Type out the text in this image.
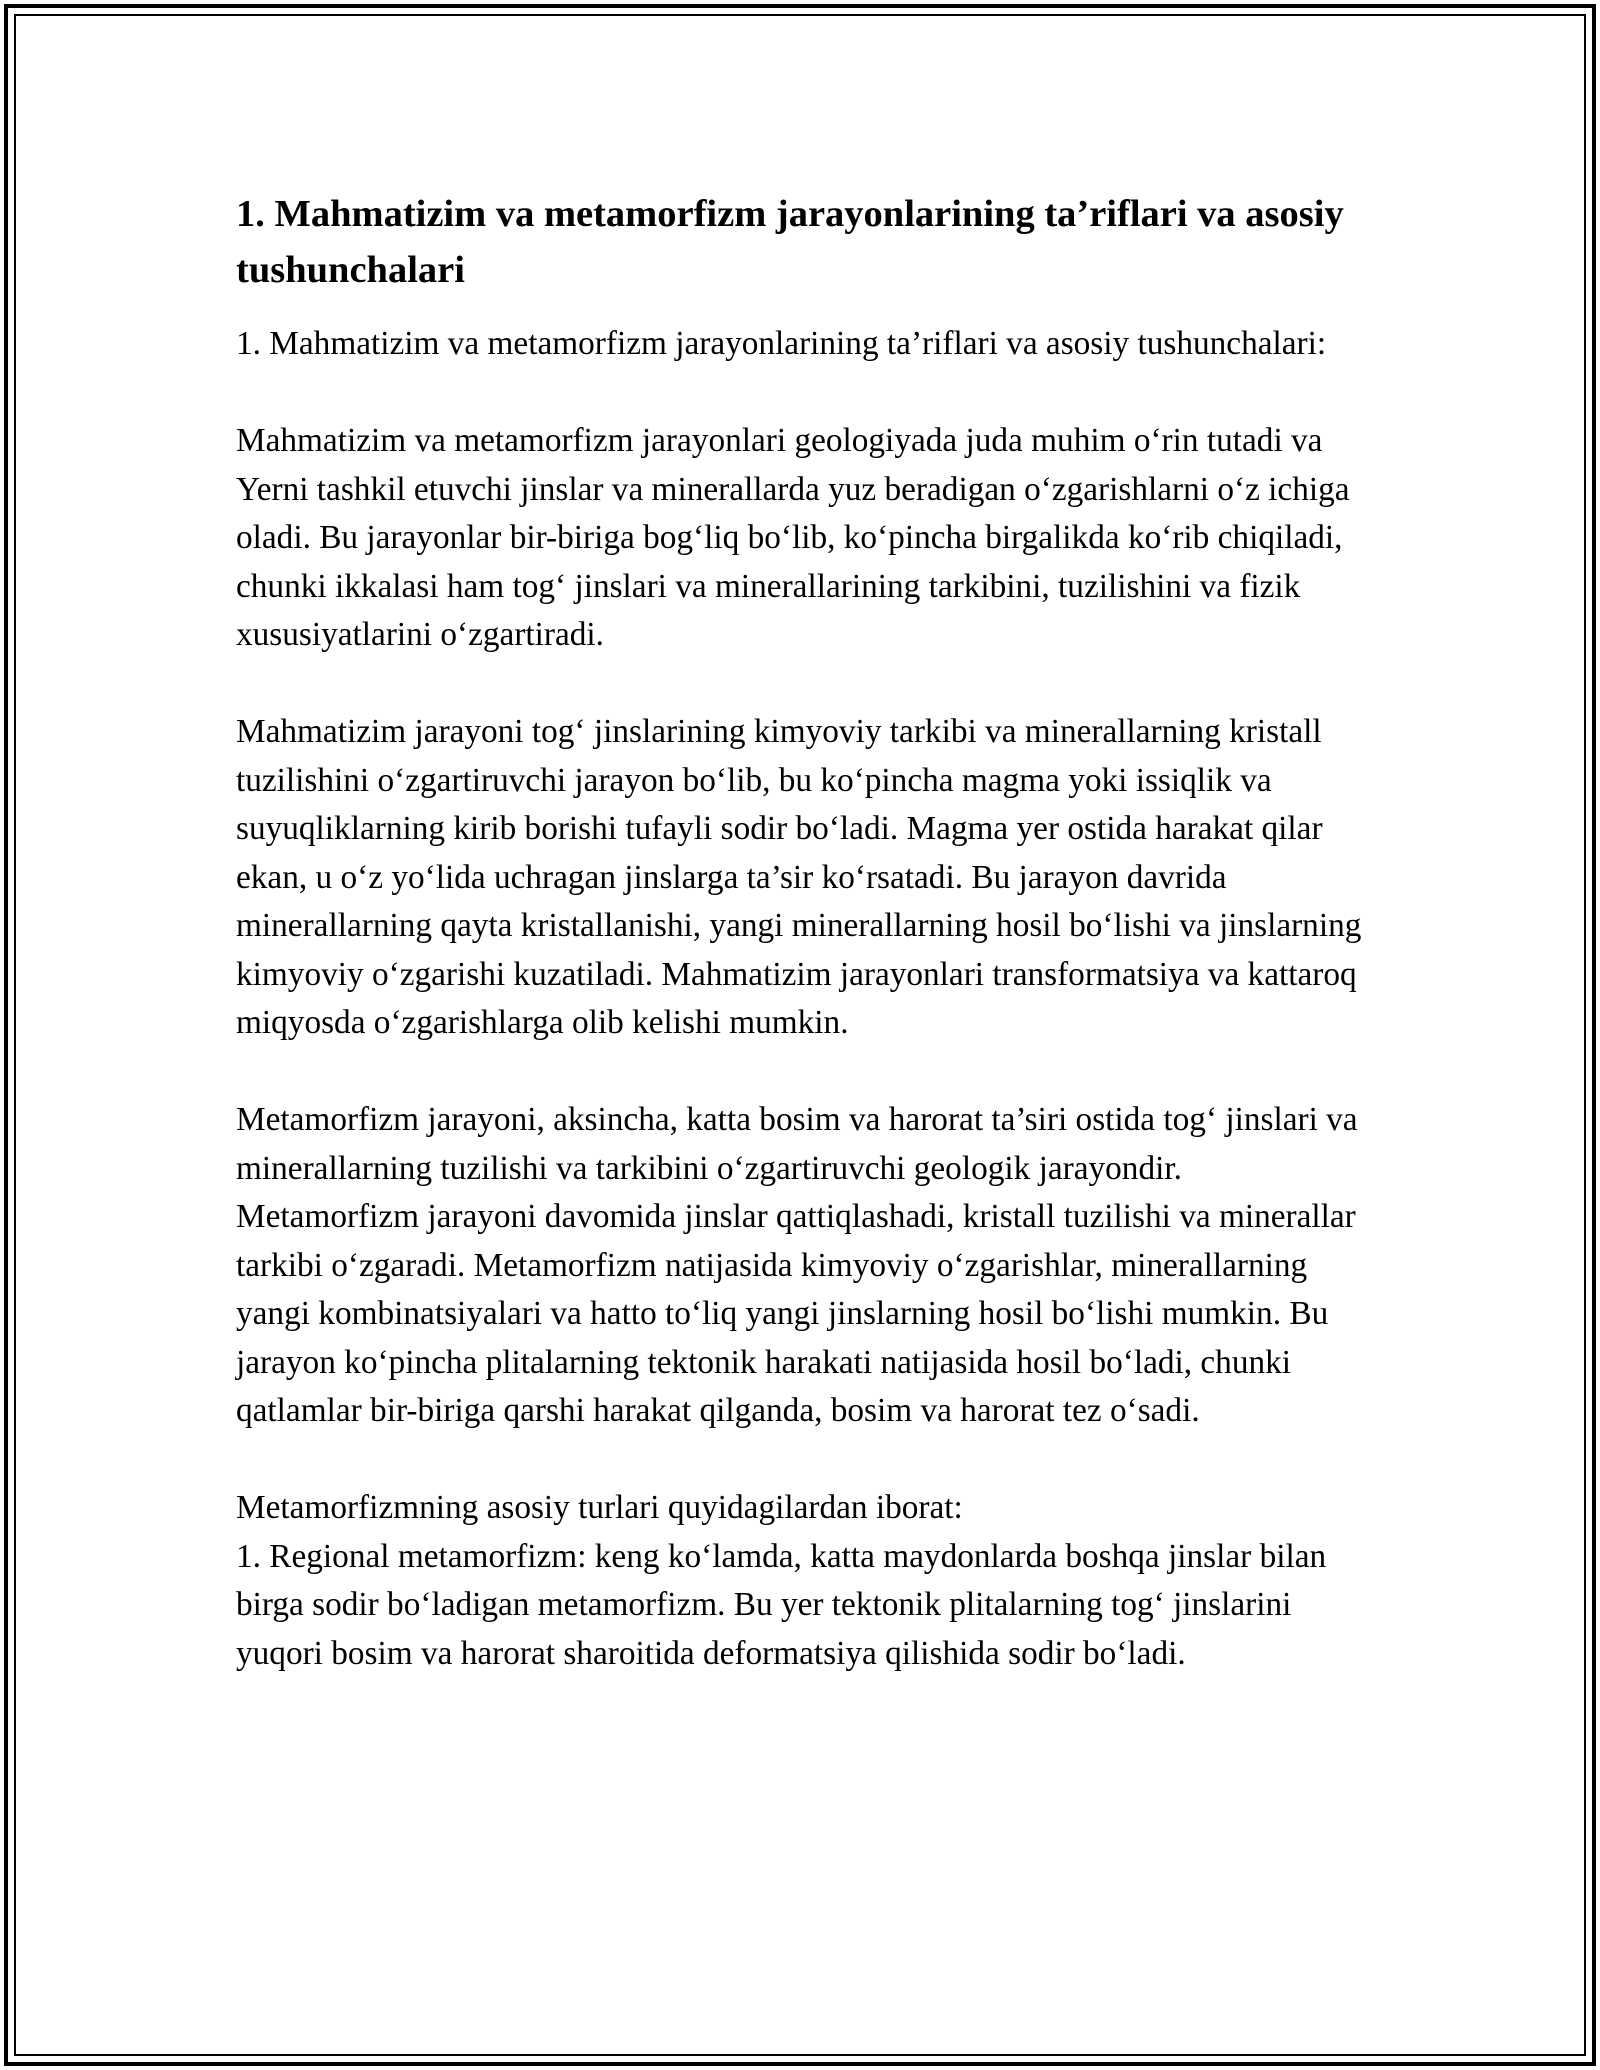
1. Mahmatizim va metamorfizm jarayonlarining ta’riflari va asosiy tushunchalari

1. Mahmatizim va metamorfizm jarayonlarining ta’riflari va asosiy tushunchalari:

Mahmatizim va metamorfizm jarayonlari geologiyada juda muhim o‘rin tutadi va Yerni tashkil etuvchi jinslar va minerallarda yuz beradigan o‘zgarishlarni o‘z ichiga oladi. Bu jarayonlar bir-biriga bog‘liq bo‘lib, ko‘pincha birgalikda ko‘rib chiqiladi, chunki ikkalasi ham tog‘ jinslari va minerallarining tarkibini, tuzilishini va fizik xususiyatlarini o‘zgartiradi.

Mahmatizim jarayoni tog‘ jinslarining kimyoviy tarkibi va minerallarning kristall tuzilishini o‘zgartiruvchi jarayon bo‘lib, bu ko‘pincha magma yoki issiqlik va suyuqliklarning kirib borishi tufayli sodir bo‘ladi. Magma yer ostida harakat qilar ekan, u o‘z yo‘lida uchragan jinslarga ta’sir ko‘rsatadi. Bu jarayon davrida minerallarning qayta kristallanishi, yangi minerallarning hosil bo‘lishi va jinslarning kimyoviy o‘zgarishi kuzatiladi. Mahmatizim jarayonlari transformatsiya va kattaroq miqyosda o‘zgarishlarga olib kelishi mumkin.

Metamorfizm jarayoni, aksincha, katta bosim va harorat ta’siri ostida tog‘ jinslari va minerallarning tuzilishi va tarkibini o‘zgartiruvchi geologik jarayondir. Metamorfizm jarayoni davomida jinslar qattiqlashadi, kristall tuzilishi va minerallar tarkibi o‘zgaradi. Metamorfizm natijasida kimyoviy o‘zgarishlar, minerallarning yangi kombinatsiyalari va hatto to‘liq yangi jinslarning hosil bo‘lishi mumkin. Bu jarayon ko‘pincha plitalarning tektonik harakati natijasida hosil bo‘ladi, chunki qatlamlar bir-biriga qarshi harakat qilganda, bosim va harorat tez o‘sadi.

Metamorfizmning asosiy turlari quyidagilardan iborat:

1. Regional metamorfizm: keng ko‘lamda, katta maydonlarda boshqa jinslar bilan birga sodir bo‘ladigan metamorfizm. Bu yer tektonik plitalarning tog‘ jinslarini yuqori bosim va harorat sharoitida deformatsiya qilishida sodir bo‘ladi.
